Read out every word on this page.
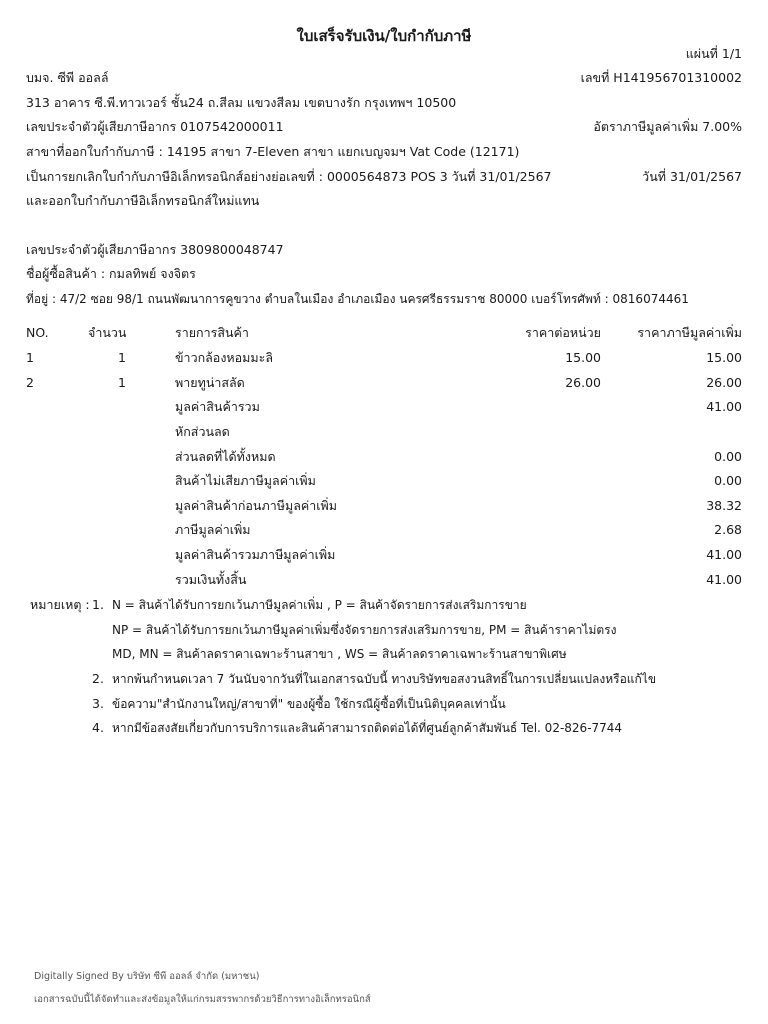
ใบเสร็จรับเงิน/ใบกำกับภาษี
แผ่นที่ 1/1
บมจ. ซีพี ออลล์	เลขที่ H141956701310002
313 อาคาร ซี.พี.ทาวเวอร์ ชั้น24 ถ.สีลม แขวงสีลม เขตบางรัก กรุงเทพฯ 10500
เลขประจำตัวผู้เสียภาษีอากร 0107542000011	อัตราภาษีมูลค่าเพิ่ม 7.00%
สาขาที่ออกใบกำกับภาษี : 14195 สาขา 7-Eleven สาขา แยกเบญจมฯ Vat Code (12171)
เป็นการยกเลิกใบกำกับภาษีอิเล็กทรอนิกส์อย่างย่อเลขที่ : 0000564873 POS 3 วันที่ 31/01/2567	วันที่ 31/01/2567
และออกใบกำกับภาษีอิเล็กทรอนิกส์ใหม่แทน
เลขประจำตัวผู้เสียภาษีอากร 3809800048747
ชื่อผู้ซื้อสินค้า : กมลทิพย์ จงจิตร
ที่อยู่ : 47/2 ซอย 98/1 ถนนพัฒนาการคูขวาง ตำบลในเมือง อำเภอเมือง นครศรีธรรมราช 80000 เบอร์โทรศัพท์ : 0816074461
NO.	จำนวน	รายการสินค้า	ราคาต่อหน่วย	ราคาภาษีมูลค่าเพิ่ม
1	1	ข้าวกล้องหอมมะลิ	15.00	15.00
2	1	พายทูน่าสลัด	26.00	26.00
มูลค่าสินค้ารวม	41.00
หักส่วนลด
ส่วนลดที่ได้ทั้งหมด	0.00
สินค้าไม่เสียภาษีมูลค่าเพิ่ม	0.00
มูลค่าสินค้าก่อนภาษีมูลค่าเพิ่ม	38.32
ภาษีมูลค่าเพิ่ม	2.68
มูลค่าสินค้ารวมภาษีมูลค่าเพิ่ม	41.00
รวมเงินทั้งสิ้น	41.00
หมายเหตุ : 1. N = สินค้าได้รับการยกเว้นภาษีมูลค่าเพิ่ม , P = สินค้าจัดรายการส่งเสริมการขาย
NP = สินค้าได้รับการยกเว้นภาษีมูลค่าเพิ่มซึ่งจัดรายการส่งเสริมการขาย, PM = สินค้าราคาไม่ตรง
MD, MN = สินค้าลดราคาเฉพาะร้านสาขา , WS = สินค้าลดราคาเฉพาะร้านสาขาพิเศษ
2. หากพ้นกำหนดเวลา 7 วันนับจากวันที่ในเอกสารฉบับนี้ ทางบริษัทขอสงวนสิทธิ์ในการเปลี่ยนแปลงหรือแก้ไข
3. ข้อความ"สำนักงานใหญ่/สาขาที่" ของผู้ซื้อ ใช้กรณีผู้ซื้อที่เป็นนิติบุคคลเท่านั้น
4. หากมีข้อสงสัยเกี่ยวกับการบริการและสินค้าสามารถติดต่อได้ที่ศูนย์ลูกค้าสัมพันธ์ Tel. 02-826-7744
Digitally Signed By บริษัท ซีพี ออลล์ จำกัด (มหาชน)
เอกสารฉบับนี้ได้จัดทำและส่งข้อมูลให้แก่กรมสรรพากรด้วยวิธีการทางอิเล็กทรอนิกส์
